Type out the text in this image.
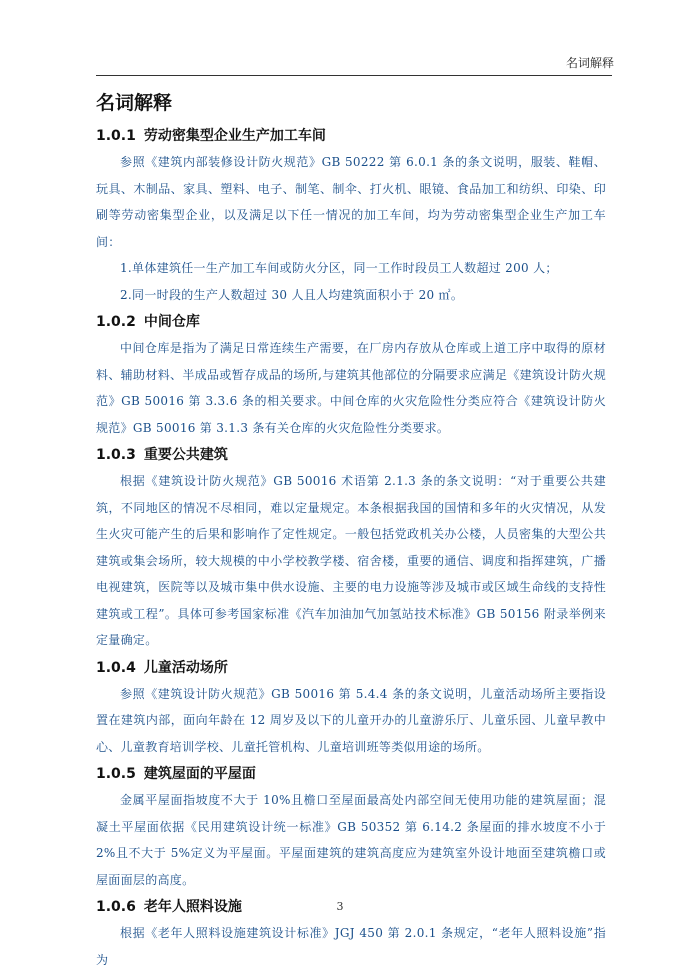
名词解释
名词解释
1.0.1 劳动密集型企业生产加工车间

参照《建筑内部装修设计防火规范》GB 50222 第 6.0.1 条的条文说明，服装、鞋帽、玩具、木制品、家具、塑料、电子、制笔、制伞、打火机、眼镜、食品加工和纺织、印染、印刷等劳动密集型企业，以及满足以下任一情况的加工车间，均为劳动密集型企业生产加工车间：

1.单体建筑任一生产加工车间或防火分区，同一工作时段员工人数超过 200 人；

2.同一时段的生产人数超过 30 人且人均建筑面积小于 20 ㎡。

1.0.2 中间仓库

中间仓库是指为了满足日常连续生产需要，在厂房内存放从仓库或上道工序中取得的原材料、辅助材料、半成品或暂存成品的场所,与建筑其他部位的分隔要求应满足《建筑设计防火规范》GB 50016 第 3.3.6 条的相关要求。中间仓库的火灾危险性分类应符合《建筑设计防火规范》GB 50016 第 3.1.3 条有关仓库的火灾危险性分类要求。

1.0.3 重要公共建筑

根据《建筑设计防火规范》GB 50016 术语第 2.1.3 条的条文说明：“对于重要公共建筑，不同地区的情况不尽相同，难以定量规定。本条根据我国的国情和多年的火灾情况，从发生火灾可能产生的后果和影响作了定性规定。一般包括党政机关办公楼，人员密集的大型公共建筑或集会场所，较大规模的中小学校教学楼、宿舍楼，重要的通信、调度和指挥建筑，广播电视建筑，医院等以及城市集中供水设施、主要的电力设施等涉及城市或区域生命线的支持性建筑或工程”。具体可参考国家标准《汽车加油加气加氢站技术标准》GB 50156 附录举例来定量确定。

1.0.4 儿童活动场所

参照《建筑设计防火规范》GB 50016 第 5.4.4 条的条文说明，儿童活动场所主要指设置在建筑内部，面向年龄在 12 周岁及以下的儿童开办的儿童游乐厅、儿童乐园、儿童早教中心、儿童教育培训学校、儿童托管机构、儿童培训班等类似用途的场所。

1.0.5 建筑屋面的平屋面

金属平屋面指坡度不大于 10%且檐口至屋面最高处内部空间无使用功能的建筑屋面；混凝土平屋面依据《民用建筑设计统一标准》GB 50352 第 6.14.2 条屋面的排水坡度不小于 2%且不大于 5%定义为平屋面。平屋面建筑的建筑高度应为建筑室外设计地面至建筑檐口或屋面面层的高度。

1.0.6 老年人照料设施

根据《老年人照料设施建筑设计标准》JGJ 450 第 2.0.1 条规定，“老年人照料设施”指为

3
